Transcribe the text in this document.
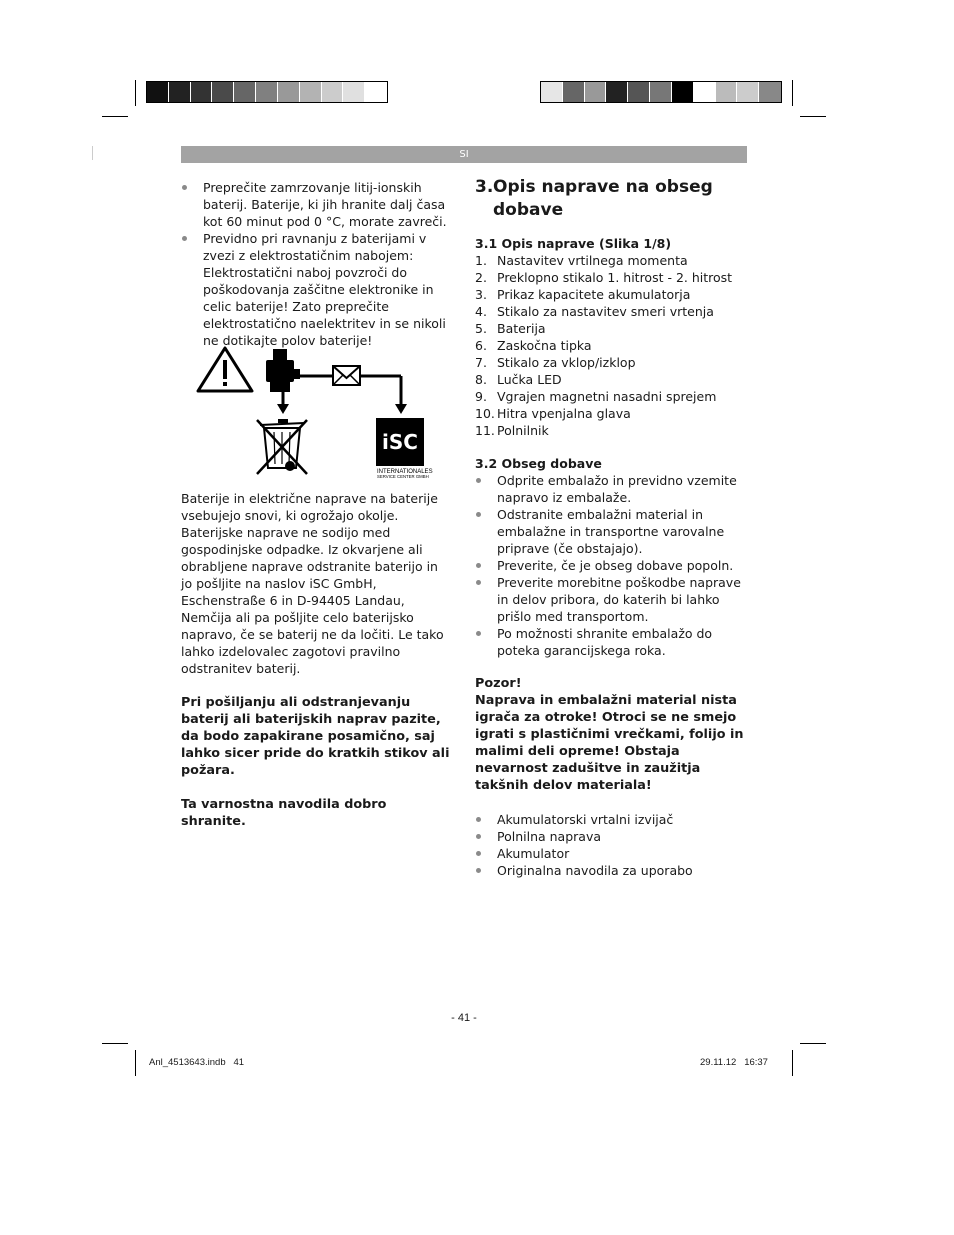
SI
Preprečite zamrzovanje litij-ionskih baterij. Baterije, ki jih hranite dalj časa kot 60 minut pod 0 °C, morate zavreči.
Previdno pri ravnanju z baterijami v zvezi z elektrostatičnim nabojem: Elektrostatični naboj povzroči do poškodovanja zaščitne elektronike in celic baterije! Zato preprečite elektrostatično naelektritev in se nikoli ne dotikajte polov baterije!
iSC
INTERNATIONALES
SERVICE CENTER GMBH

Baterije in električne naprave na baterije vsebujejo snovi, ki ogrožajo okolje. Baterijske naprave ne sodijo med gospodinjske odpadke. Iz okvarjene ali obrabljene naprave odstranite baterijo in jo pošljite na naslov iSC GmbH, Eschenstraße 6 in D-94405 Landau, Nemčija ali pa pošljite celo baterijsko napravo, če se baterij ne da ločiti. Le tako lahko izdelovalec zagotovi pravilno odstranitev baterij.

Pri pošiljanju ali odstranjevanju baterij ali baterijskih naprav pazite, da bodo zapakirane posamično, saj lahko sicer pride do kratkih stikov ali požara.

Ta varnostna navodila dobro shranite.

3. Opis naprave na obseg dobave
3.1 Opis naprave (Slika 1/8)
1. Nastavitev vrtilnega momenta
2. Preklopno stikalo 1. hitrost - 2. hitrost
3. Prikaz kapacitete akumulatorja
4. Stikalo za nastavitev smeri vrtenja
5. Baterija
6. Zaskočna tipka
7. Stikalo za vklop/izklop
8. Lučka LED
9. Vgrajen magnetni nasadni sprejem
10. Hitra vpenjalna glava
11. Polnilnik
3.2 Obseg dobave
Odprite embalažo in previdno vzemite napravo iz embalaže.
Odstranite embalažni material in embalažne in transportne varovalne priprave (če obstajajo).
Preverite, če je obseg dobave popoln.
Preverite morebitne poškodbe naprave in delov pribora, do katerih bi lahko prišlo med transportom.
Po možnosti shranite embalažo do poteka garancijskega roka.

Pozor!

Naprava in embalažni material nista igrača za otroke! Otroci se ne smejo igrati s plastičnimi vrečkami, folijo in malimi deli opreme! Obstaja nevarnost zadušitve in zaužitja takšnih delov materiala!

Akumulatorski vrtalni izvijač
Polnilna naprava
Akumulator
Originalna navodila za uporabo
- 41 -
Anl_4513643.indb   41	29.11.12   16:37
